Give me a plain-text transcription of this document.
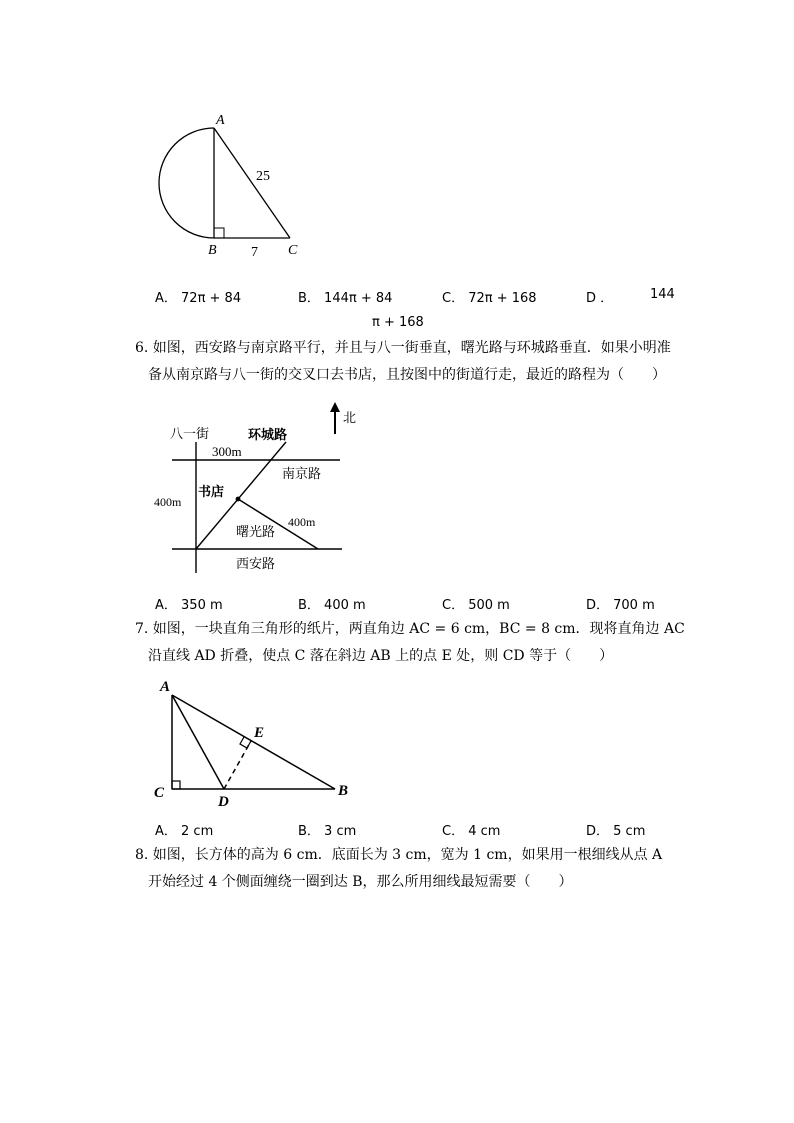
A
B	C
25
7
A． 72π + 84	B． 144π + 84	C． 72π + 168	D ．	144
π + 168
6. 如图，西安路与南京路平行，并且与八一街垂直，曙光路与环城路垂直．如果小明准
备从南京路与八一街的交叉口去书店，且按图中的街道行走，最近的路程为（　　）
北
八一街	环城路
300m
南京路
400m
书店
400m
曙光路
西安路
A． 350 m	B． 400 m	C． 500 m	D． 700 m
7. 如图，一块直角三角形的纸片，两直角边 AC = 6 cm，BC = 8 cm．现将直角边 AC
沿直线 AD 折叠，使点 C 落在斜边 AB 上的点 E 处，则 CD 等于（　　）
A
C
D
E
B
A． 2 cm	B． 3 cm	C． 4 cm	D． 5 cm
8. 如图，长方体的高为 6 cm．底面长为 3 cm，宽为 1 cm，如果用一根细线从点 A
开始经过 4 个侧面缠绕一圈到达 B，那么所用细线最短需要（　　）
